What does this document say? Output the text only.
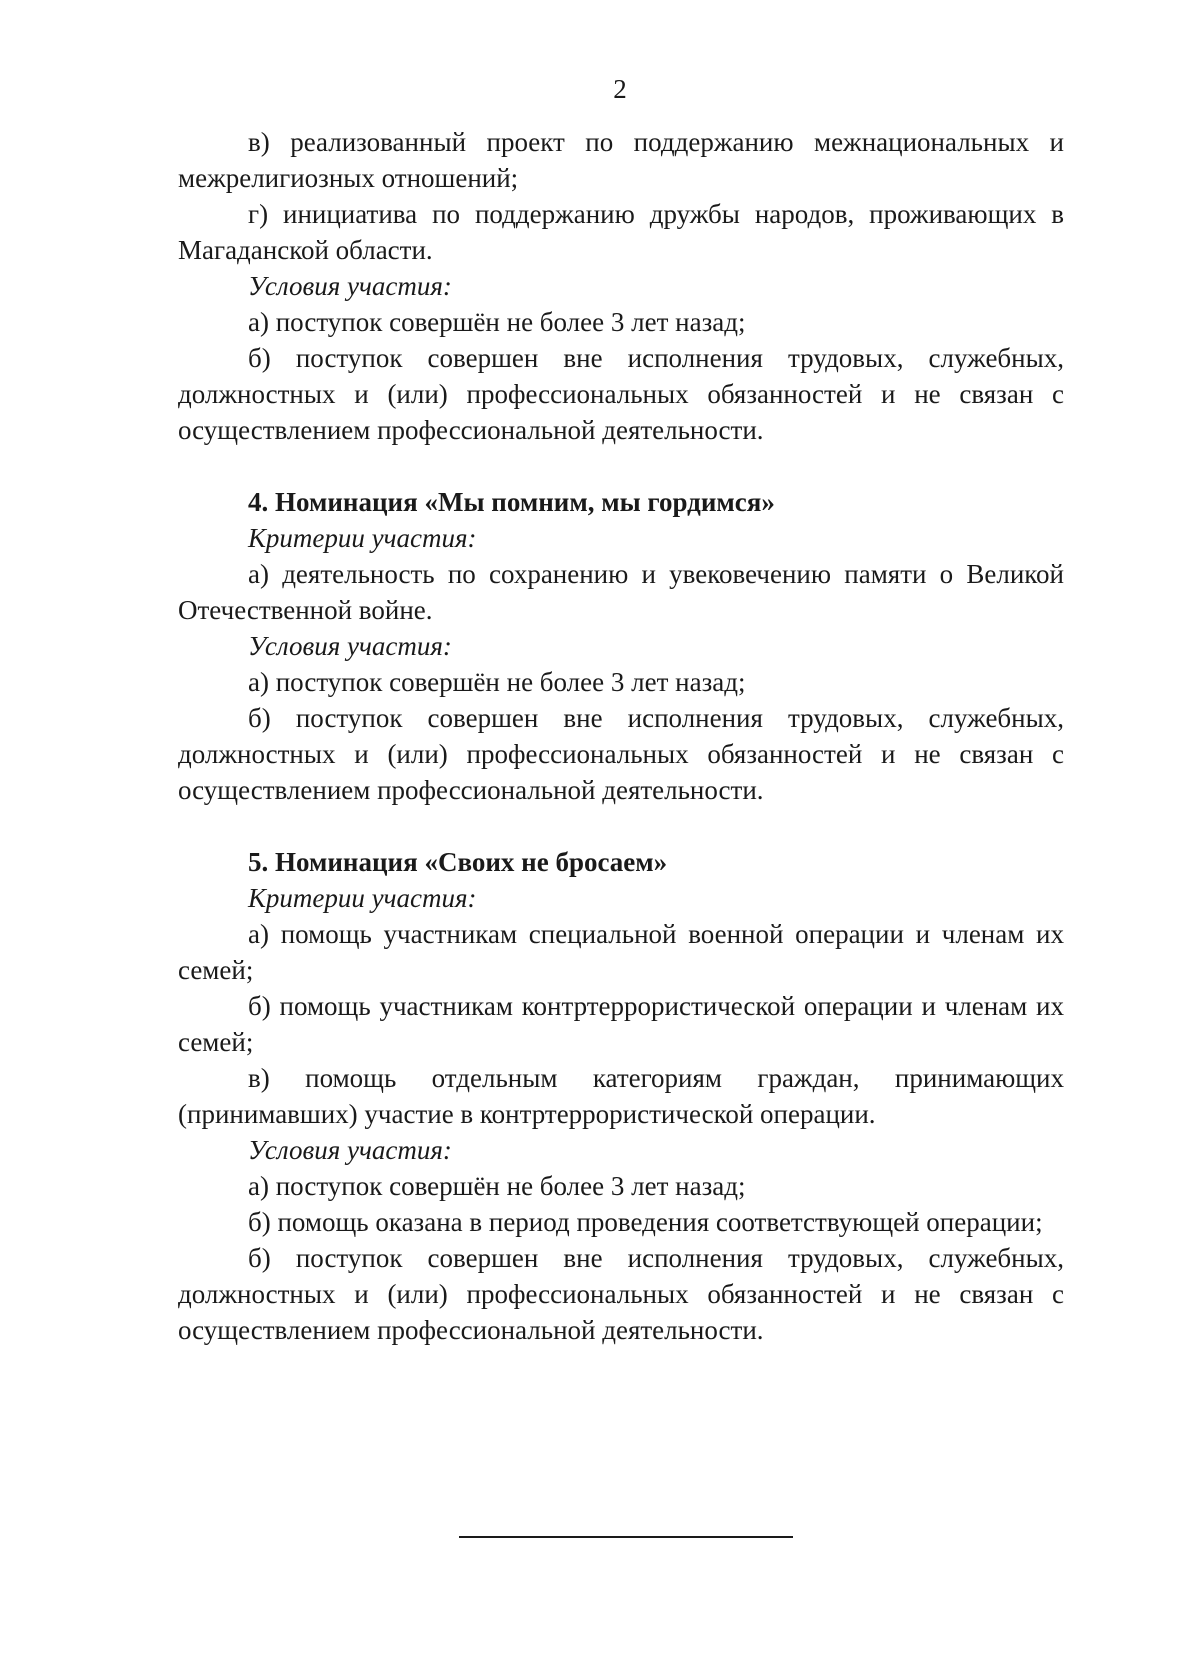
2

в) реализованный проект по поддержанию межнациональных и межрелигиозных отношений;

г) инициатива по поддержанию дружбы народов, проживающих в Магаданской области.

Условия участия:

а) поступок совершён не более 3 лет назад;

б) поступок совершен вне исполнения трудовых, служебных, должностных и (или) профессиональных обязанностей и не связан с осуществлением профессиональной деятельности.

4. Номинация «Мы помним, мы гордимся»

Критерии участия:

а) деятельность по сохранению и увековечению памяти о Великой Отечественной войне.

Условия участия:

а) поступок совершён не более 3 лет назад;

б) поступок совершен вне исполнения трудовых, служебных, должностных и (или) профессиональных обязанностей и не связан с осуществлением профессиональной деятельности.

5. Номинация «Своих не бросаем»

Критерии участия:

а) помощь участникам специальной военной операции и членам их семей;

б) помощь участникам контртеррористической операции и членам их семей;

в) помощь отдельным категориям граждан, принимающих (принимавших) участие в контртеррористической операции.

Условия участия:

а) поступок совершён не более 3 лет назад;

б) помощь оказана в период проведения соответствующей операции;

б) поступок совершен вне исполнения трудовых, служебных, должностных и (или) профессиональных обязанностей и не связан с осуществлением профессиональной деятельности.
